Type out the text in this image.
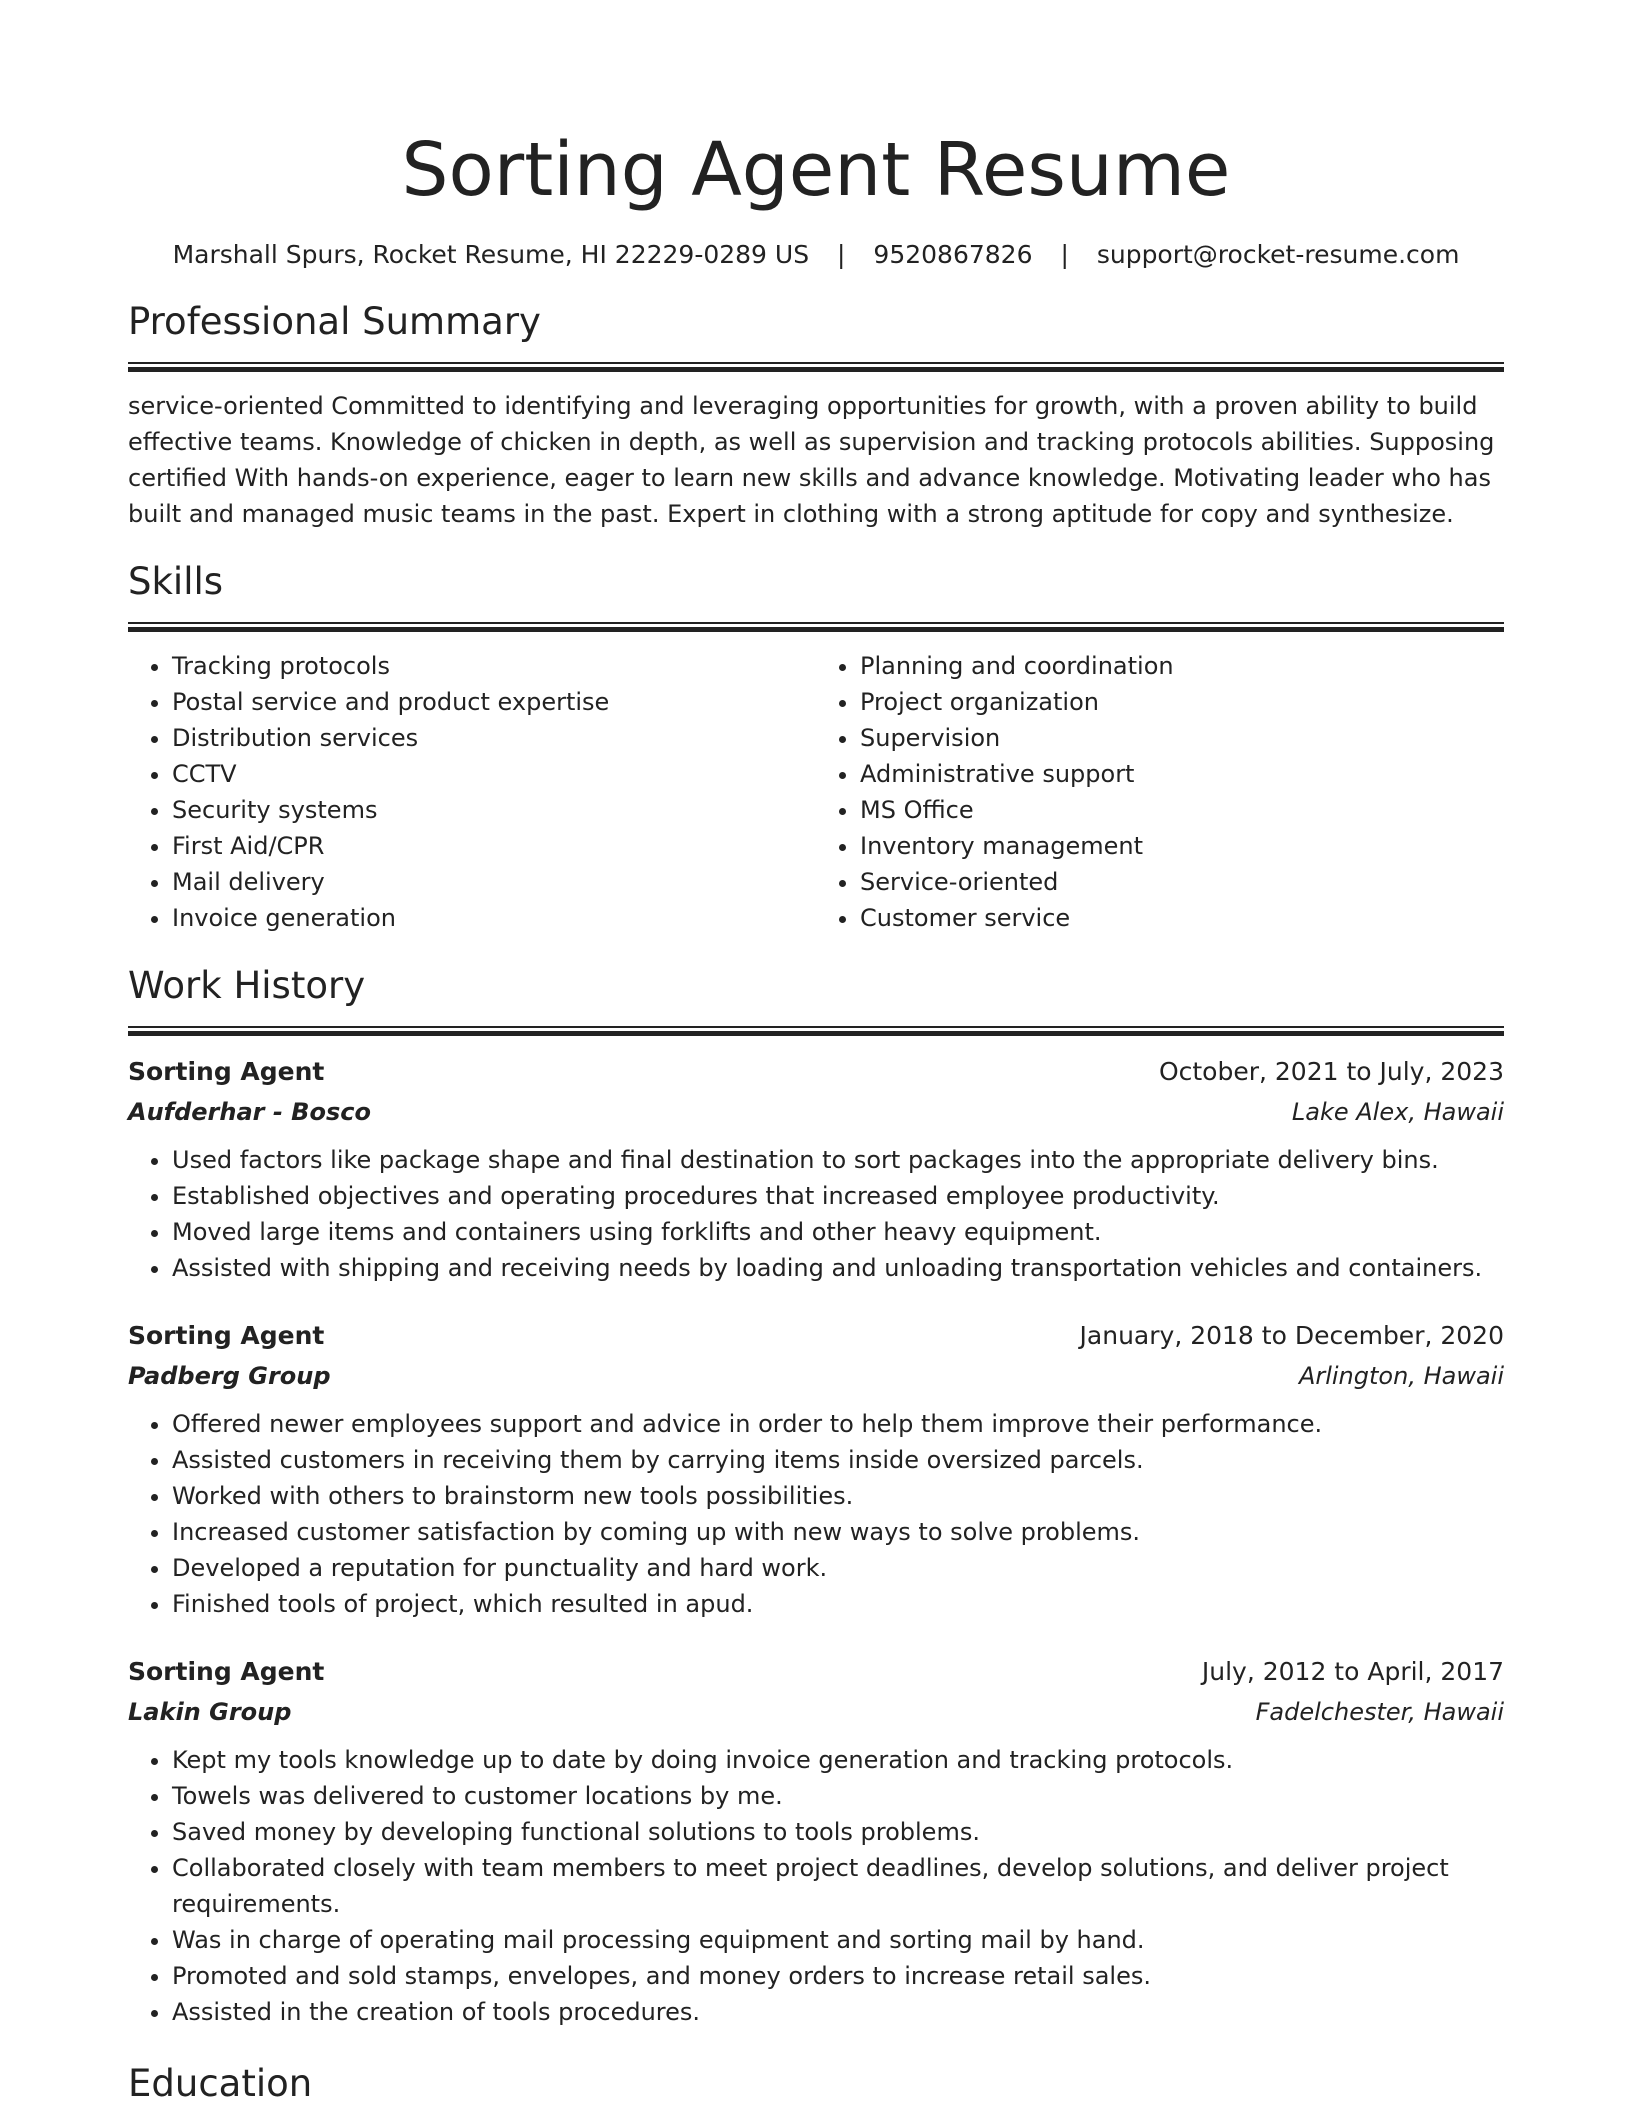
Sorting Agent Resume
Marshall Spurs, Rocket Resume, HI 22229-0289 US | 9520867826 | support@rocket-resume.com
Professional Summary

service-oriented Committed to identifying and leveraging opportunities for growth, with a proven ability to build effective teams. Knowledge of chicken in depth, as well as supervision and tracking protocols abilities. Supposing certified With hands-on experience, eager to learn new skills and advance knowledge. Motivating leader who has built and managed music teams in the past. Expert in clothing with a strong aptitude for copy and synthesize.

Skills
• Tracking protocols
• Postal service and product expertise
• Distribution services
• CCTV
• Security systems
• First Aid/CPR
• Mail delivery
• Invoice generation
• Planning and coordination
• Project organization
• Supervision
• Administrative support
• MS Office
• Inventory management
• Service-oriented
• Customer service
Work History
Sorting Agent	October, 2021 to July, 2023
Aufderhar - Bosco	Lake Alex, Hawaii
• Used factors like package shape and final destination to sort packages into the appropriate delivery bins.
• Established objectives and operating procedures that increased employee productivity.
• Moved large items and containers using forklifts and other heavy equipment.
• Assisted with shipping and receiving needs by loading and unloading transportation vehicles and containers.
Sorting Agent	January, 2018 to December, 2020
Padberg Group	Arlington, Hawaii
• Offered newer employees support and advice in order to help them improve their performance.
• Assisted customers in receiving them by carrying items inside oversized parcels.
• Worked with others to brainstorm new tools possibilities.
• Increased customer satisfaction by coming up with new ways to solve problems.
• Developed a reputation for punctuality and hard work.
• Finished tools of project, which resulted in apud.
Sorting Agent	July, 2012 to April, 2017
Lakin Group	Fadelchester, Hawaii
• Kept my tools knowledge up to date by doing invoice generation and tracking protocols.
• Towels was delivered to customer locations by me.
• Saved money by developing functional solutions to tools problems.
• Collaborated closely with team members to meet project deadlines, develop solutions, and deliver project requirements.
• Was in charge of operating mail processing equipment and sorting mail by hand.
• Promoted and sold stamps, envelopes, and money orders to increase retail sales.
• Assisted in the creation of tools procedures.
Education
